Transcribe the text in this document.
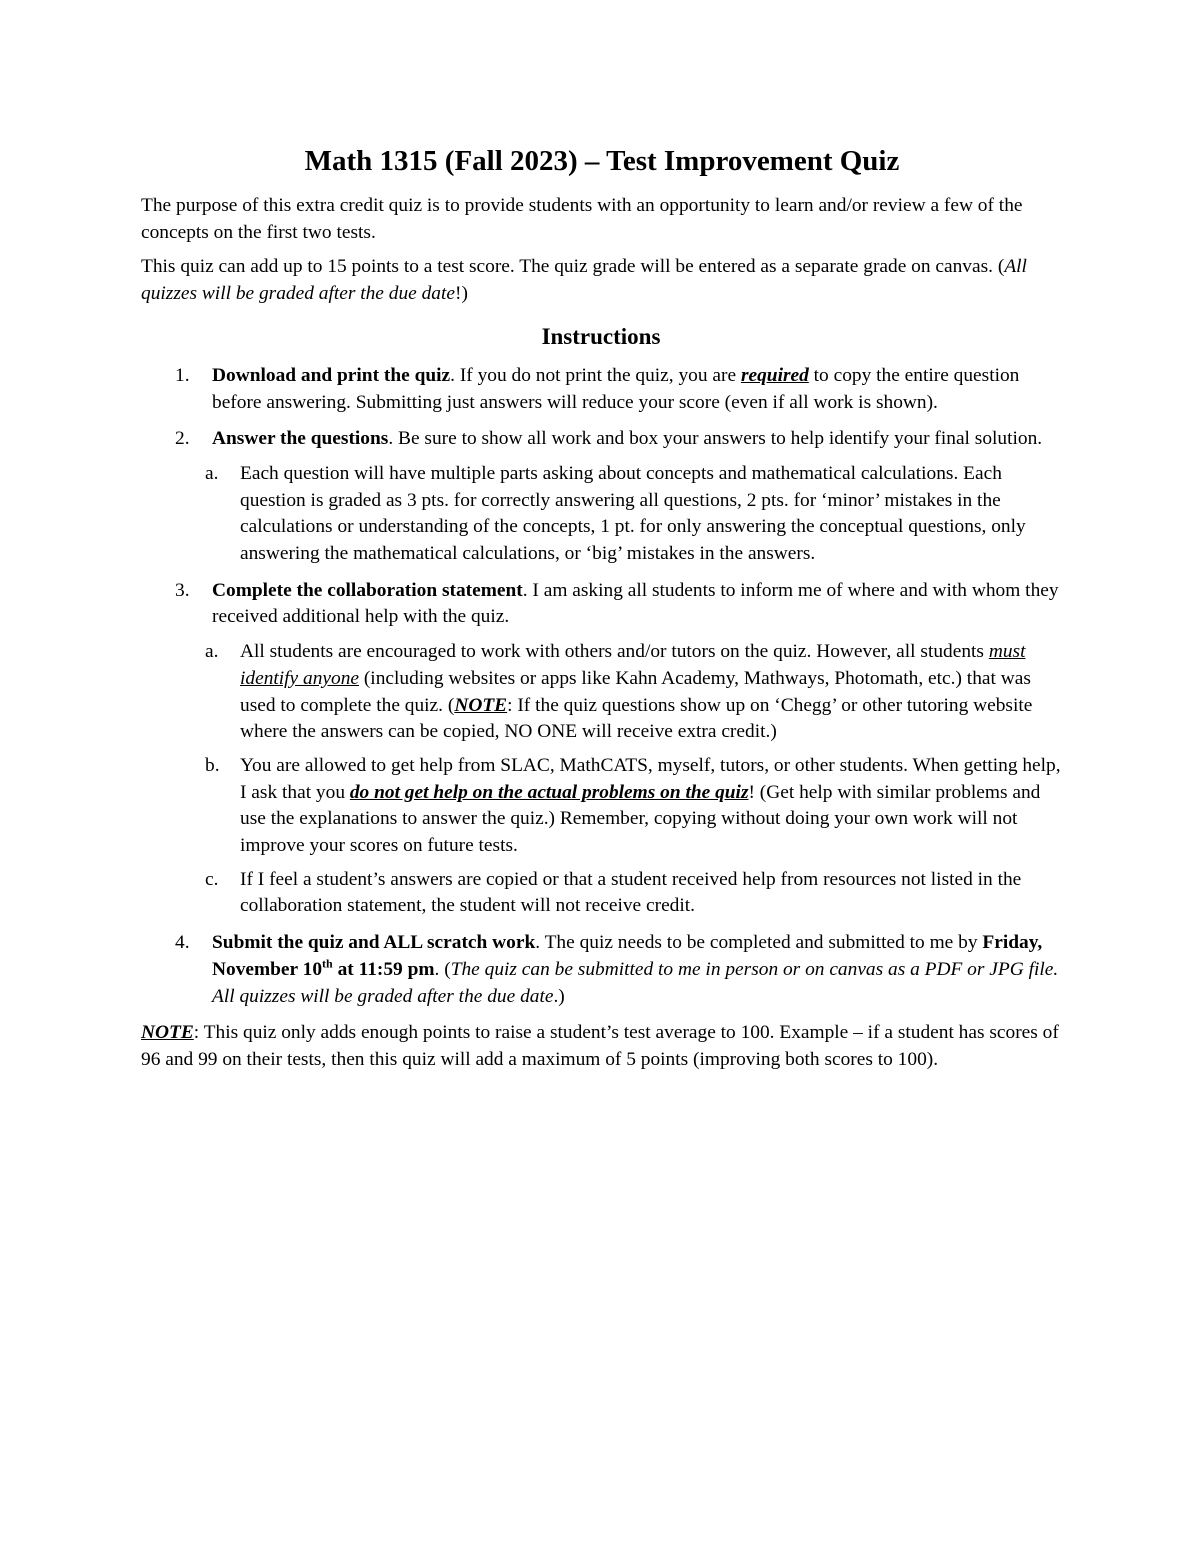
Math 1315 (Fall 2023) – Test Improvement Quiz

The purpose of this extra credit quiz is to provide students with an opportunity to learn and/or review a few of the concepts on the first two tests.

This quiz can add up to 15 points to a test score. The quiz grade will be entered as a separate grade on canvas. (All quizzes will be graded after the due date!)

Instructions
1. Download and print the quiz. If you do not print the quiz, you are required to copy the entire question before answering. Submitting just answers will reduce your score (even if all work is shown).
2. Answer the questions. Be sure to show all work and box your answers to help identify your final solution.
a. Each question will have multiple parts asking about concepts and mathematical calculations. Each question is graded as 3 pts. for correctly answering all questions, 2 pts. for ‘minor’ mistakes in the calculations or understanding of the concepts, 1 pt. for only answering the conceptual questions, only answering the mathematical calculations, or ‘big’ mistakes in the answers.
3. Complete the collaboration statement. I am asking all students to inform me of where and with whom they received additional help with the quiz.
a. All students are encouraged to work with others and/or tutors on the quiz. However, all students must identify anyone (including websites or apps like Kahn Academy, Mathways, Photomath, etc.) that was used to complete the quiz. (NOTE: If the quiz questions show up on ‘Chegg’ or other tutoring website where the answers can be copied, NO ONE will receive extra credit.)
b. You are allowed to get help from SLAC, MathCATS, myself, tutors, or other students. When getting help, I ask that you do not get help on the actual problems on the quiz! (Get help with similar problems and use the explanations to answer the quiz.) Remember, copying without doing your own work will not improve your scores on future tests.
c. If I feel a student’s answers are copied or that a student received help from resources not listed in the collaboration statement, the student will not receive credit.
4. Submit the quiz and ALL scratch work. The quiz needs to be completed and submitted to me by Friday, November 10th at 11:59 pm. (The quiz can be submitted to me in person or on canvas as a PDF or JPG file. All quizzes will be graded after the due date.)

NOTE: This quiz only adds enough points to raise a student’s test average to 100. Example – if a student has scores of 96 and 99 on their tests, then this quiz will add a maximum of 5 points (improving both scores to 100).
